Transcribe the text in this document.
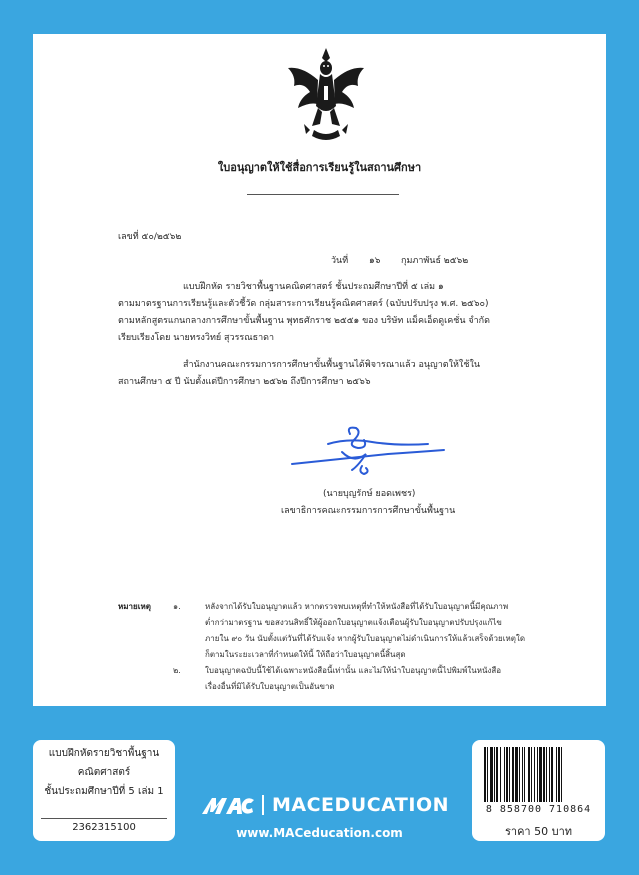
ใบอนุญาตให้ใช้สื่อการเรียนรู้ในสถานศึกษา
เลขที่ ๕๐/๒๕๖๒
วันที่ ๑๖ กุมภาพันธ์ ๒๕๖๒
แบบฝึกหัด รายวิชาพื้นฐานคณิตศาสตร์ ชั้นประถมศึกษาปีที่ ๕ เล่ม ๑
ตามมาตรฐานการเรียนรู้และตัวชี้วัด กลุ่มสาระการเรียนรู้คณิตศาสตร์ (ฉบับปรับปรุง พ.ศ. ๒๕๖๐)
ตามหลักสูตรแกนกลางการศึกษาขั้นพื้นฐาน พุทธศักราช ๒๕๕๑ ของ บริษัท แม็คเอ็ดดูเคชั่น จำกัด
เรียบเรียงโดย นายทรงวิทย์ สุวรรณธาดา
สำนักงานคณะกรรมการการศึกษาขั้นพื้นฐานได้พิจารณาแล้ว อนุญาตให้ใช้ใน
สถานศึกษา ๕ ปี นับตั้งแต่ปีการศึกษา ๒๕๖๒ ถึงปีการศึกษา ๒๕๖๖
(นายบุญรักษ์ ยอดเพชร)
เลขาธิการคณะกรรมการการศึกษาขั้นพื้นฐาน
หมายเหตุ	๑.	หลังจากได้รับใบอนุญาตแล้ว หากตรวจพบเหตุที่ทำให้หนังสือที่ได้รับใบอนุญาตนี้มีคุณภาพ
ต่ำกว่ามาตรฐาน ขอสงวนสิทธิ์ให้ผู้ออกใบอนุญาตแจ้งเตือนผู้รับใบอนุญาตปรับปรุงแก้ไข
ภายใน ๙๐ วัน นับตั้งแต่วันที่ได้รับแจ้ง หากผู้รับใบอนุญาตไม่ดำเนินการให้แล้วเสร็จด้วยเหตุใด
ก็ตามในระยะเวลาที่กำหนดให้นี้ ให้ถือว่าใบอนุญาตนี้สิ้นสุด
๒.	ใบอนุญาตฉบับนี้ใช้ได้เฉพาะหนังสือนี้เท่านั้น และไม่ให้นำใบอนุญาตนี้ไปพิมพ์ในหนังสือ
เรื่องอื่นที่มิได้รับใบอนุญาตเป็นอันขาด
แบบฝึกหัดรายวิชาพื้นฐาน
คณิตศาสตร์
ชั้นประถมศึกษาปีที่ 5 เล่ม 1
2362315100
8 858700 710864
ราคา 50 บาท
MACEDUCATION
www.MACeducation.com
